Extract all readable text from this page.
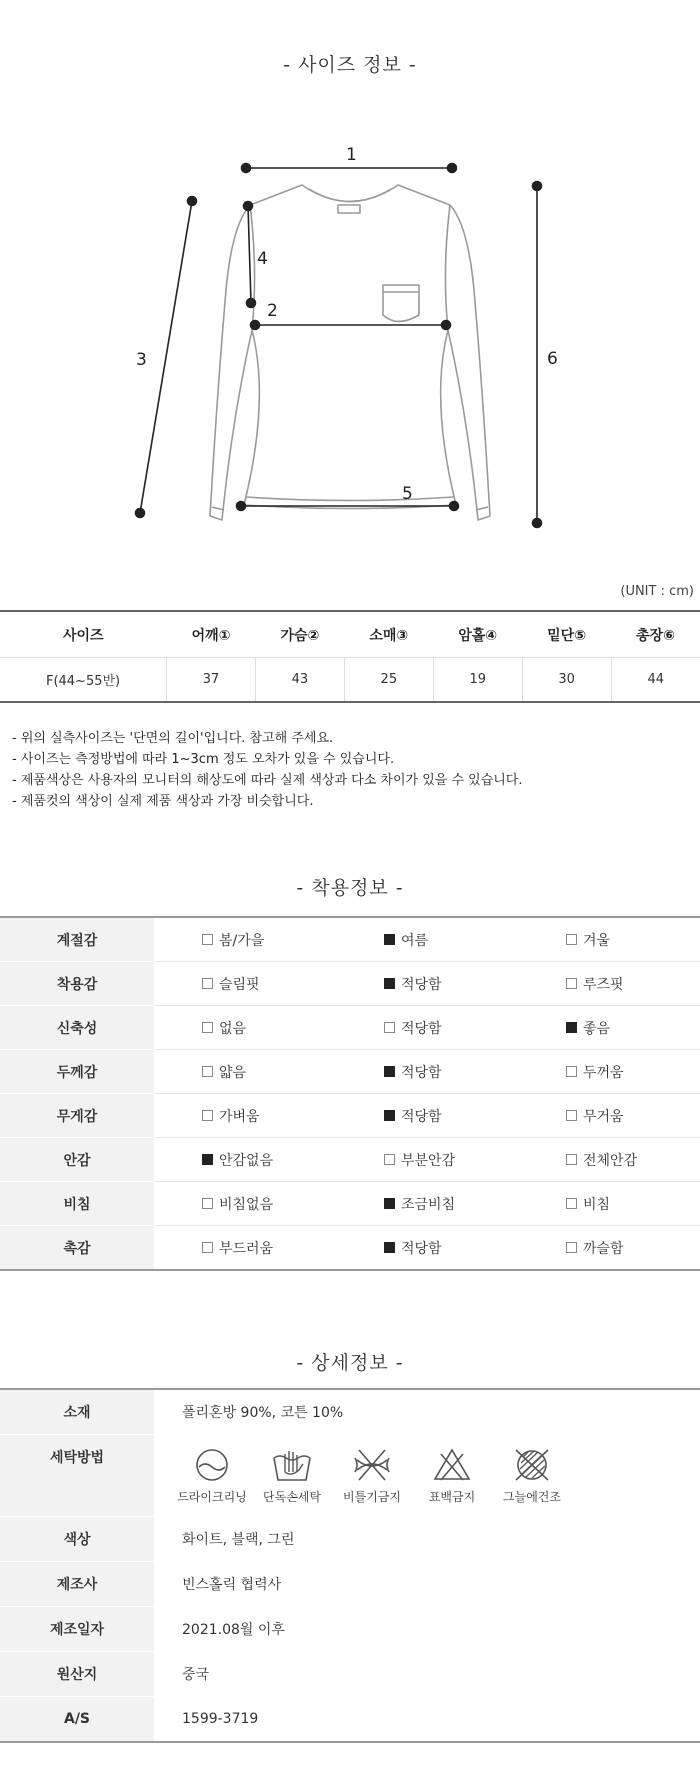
- 사이즈 정보 -
1
2
3
4
5
6
(UNIT : cm)
사이즈	어깨①	가슴②	소매③	암홀④	밑단⑤	총장⑥
F(44~55반)	37	43	25	19	30	44
- 위의 실측사이즈는 '단면의 길이'입니다. 참고해 주세요.
- 사이즈는 측정방법에 따라 1~3cm 정도 오차가 있을 수 있습니다.
- 제품색상은 사용자의 모니터의 해상도에 따라 실제 색상과 다소 차이가 있을 수 있습니다.
- 제품컷의 색상이 실제 제품 색상과 가장 비슷합니다.
- 착용정보 -
계절감	봄/가을	여름	겨울
착용감	슬림핏	적당함	루즈핏
신축성	없음	적당함	좋음
두께감	얇음	적당함	두꺼움
무게감	가벼움	적당함	무거움
안감	안감없음	부분안감	전체안감
비침	비침없음	조금비침	비침
촉감	부드러움	적당함	까슬함
- 상세정보 -
소재	폴리혼방 90%, 코튼 10%
세탁방법	드라이크리닝 단독손세탁 비틀기금지 표백금지 그늘에건조

색상	화이트, 블랙, 그린
제조사	빈스홀릭 협력사
제조일자	2021.08월 이후
원산지	중국
A/S	1599-3719
